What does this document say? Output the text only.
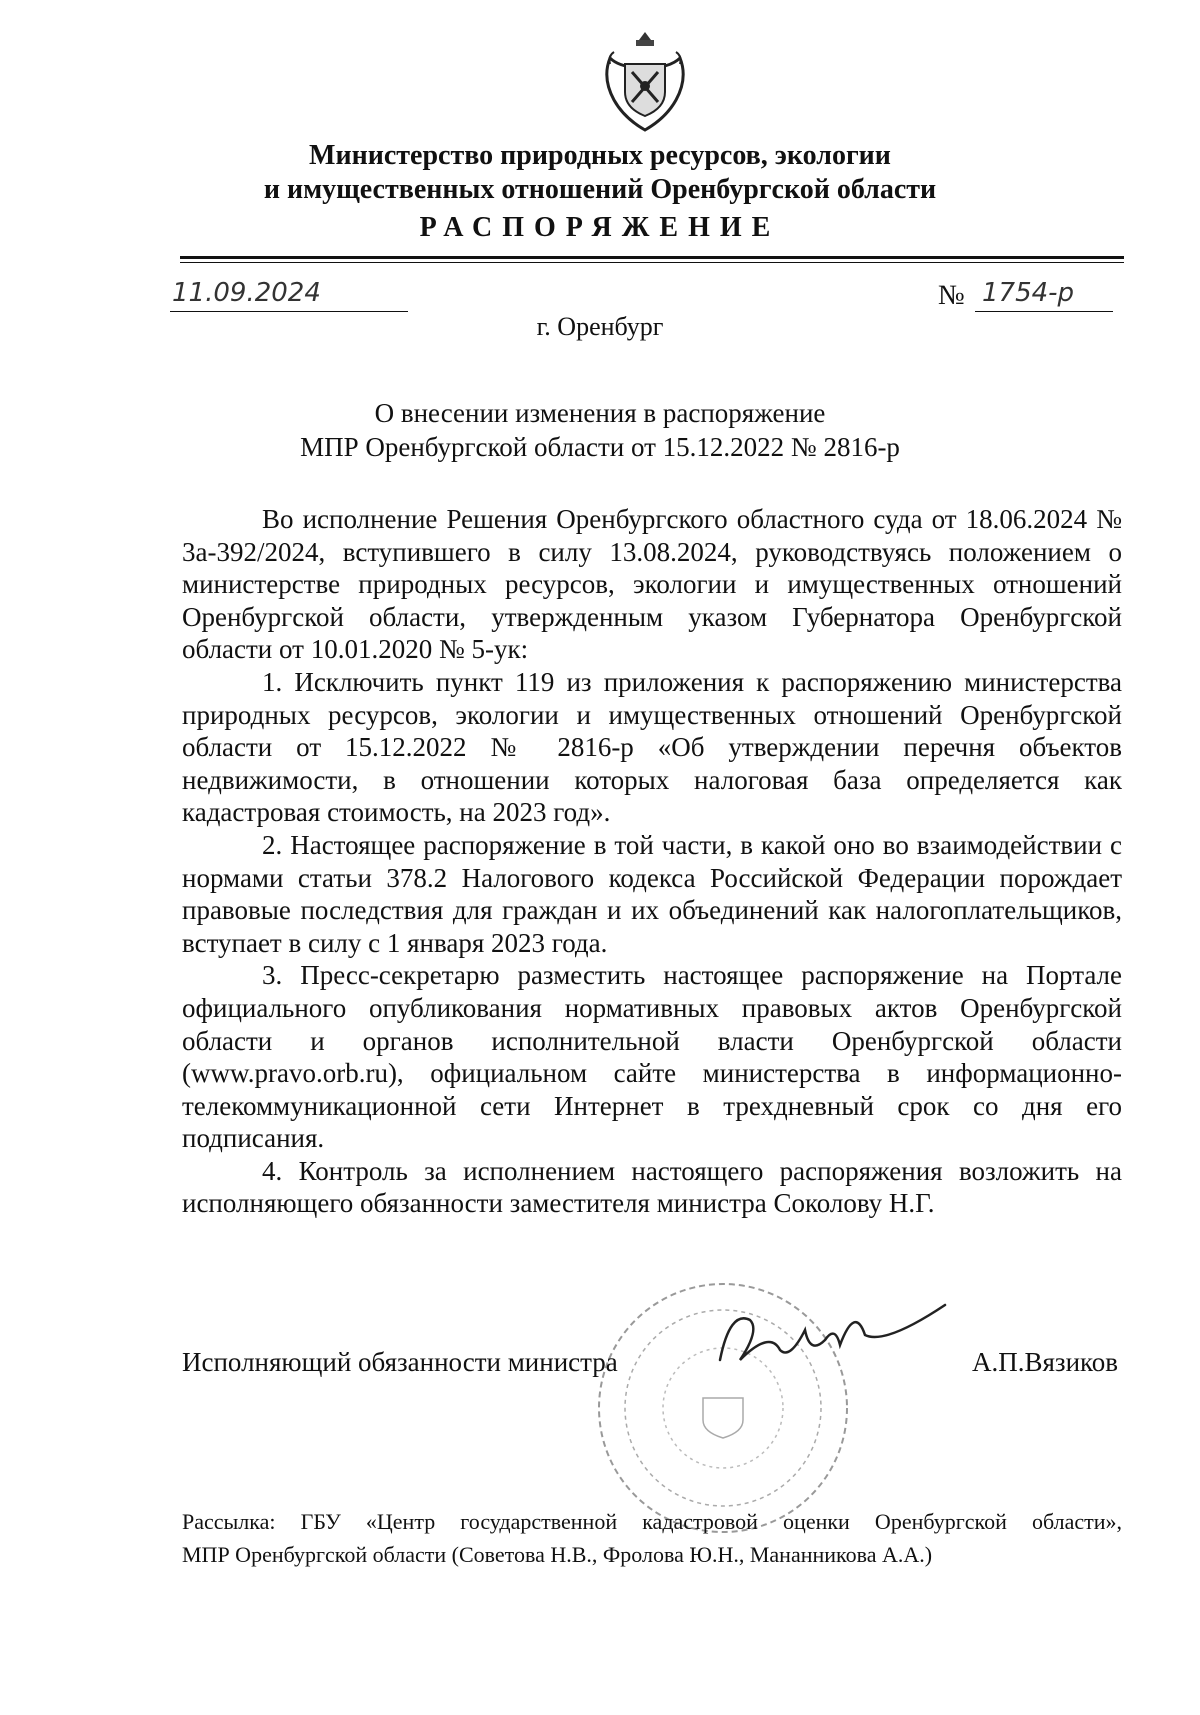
Министерство природных ресурсов, экологии
и имущественных отношений Оренбургской области
РАСПОРЯЖЕНИЕ
11.09.2024	№ 1754-р
г. Оренбург
О внесении изменения в распоряжение
МПР Оренбургской области от 15.12.2022 № 2816-р

Во исполнение Решения Оренбургского областного суда от 18.06.2024 № 3а-392/2024, вступившего в силу 13.08.2024, руководствуясь положением о министерстве природных ресурсов, экологии и имущественных отношений Оренбургской области, утвержденным указом Губернатора Оренбургской области от 10.01.2020 № 5-ук:

1. Исключить пункт 119 из приложения к распоряжению министерства природных ресурсов, экологии и имущественных отношений Оренбургской области от 15.12.2022 № 2816-р «Об утверждении перечня объектов недвижимости, в отношении которых налоговая база определяется как кадастровая стоимость, на 2023 год».

2. Настоящее распоряжение в той части, в какой оно во взаимодействии с нормами статьи 378.2 Налогового кодекса Российской Федерации порождает правовые последствия для граждан и их объединений как налогоплательщиков, вступает в силу с 1 января 2023 года.

3. Пресс-секретарю разместить настоящее распоряжение на Портале официального опубликования нормативных правовых актов Оренбургской области и органов исполнительной власти Оренбургской области (www.pravo.orb.ru), официальном сайте министерства в информационно-телекоммуникационной сети Интернет в трехдневный срок со дня его подписания.

4. Контроль за исполнением настоящего распоряжения возложить на исполняющего обязанности заместителя министра Соколову Н.Г.

Исполняющий обязанности министра	А.П.Вязиков
Рассылка: ГБУ «Центр государственной кадастровой оценки Оренбургской области»,
МПР Оренбургской области (Советова Н.В., Фролова Ю.Н., Мананникова А.А.)
